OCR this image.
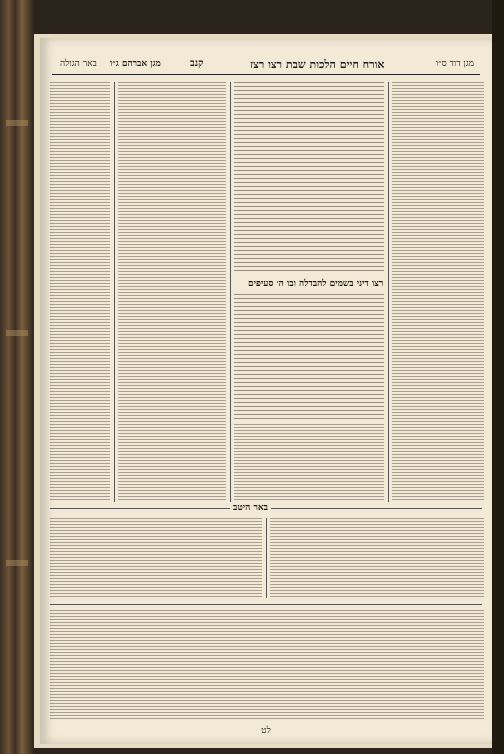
מגן אברהם ג״ו	קנב
באר הגולה	אורח חיים הלכות שבת רצו רצז	מגן דוד ס״ו
רצו דיני בשמים להבדלה ובו ה׳ סעיפים
באר היטב
לט
